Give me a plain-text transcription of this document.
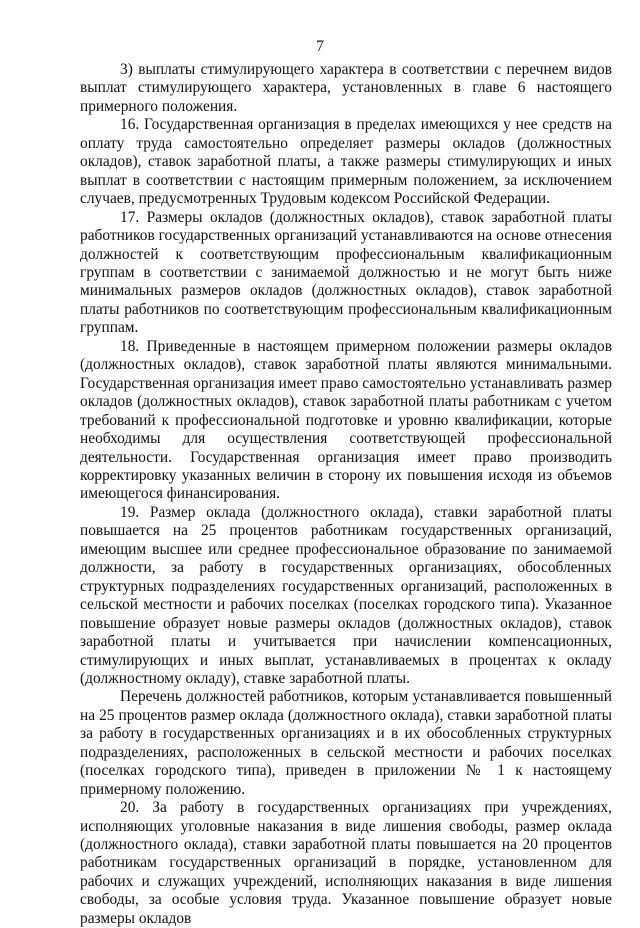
7

3) выплаты стимулирующего характера в соответствии с перечнем видов выплат стимулирующего характера, установленных в главе 6 настоящего примерного положения.

16. Государственная организация в пределах имеющихся у нее средств на оплату труда самостоятельно определяет размеры окладов (должностных окладов), ставок заработной платы, а также размеры стимулирующих и иных выплат в соответствии с настоящим примерным положением, за исключением случаев, предусмотренных Трудовым кодексом Российской Федерации.

17. Размеры окладов (должностных окладов), ставок заработной платы работников государственных организаций устанавливаются на основе отнесения должностей к соответствующим профессиональным квалификационным группам в соответствии с занимаемой должностью и не могут быть ниже минимальных размеров окладов (должностных окладов), ставок заработной платы работников по соответствующим профессиональным квалификационным группам.

18. Приведенные в настоящем примерном положении размеры окладов (должностных окладов), ставок заработной платы являются минимальными. Государственная организация имеет право самостоятельно устанавливать размер окладов (должностных окладов), ставок заработной платы работникам с учетом требований к профессиональной подготовке и уровню квалификации, которые необходимы для осуществления соответствующей профессиональной деятельности. Государственная организация имеет право производить корректировку указанных величин в сторону их повышения исходя из объемов имеющегося финансирования.

19. Размер оклада (должностного оклада), ставки заработной платы повышается на 25 процентов работникам государственных организаций, имеющим высшее или среднее профессиональное образование по занимаемой должности, за работу в государственных организациях, обособленных структурных подразделениях государственных организаций, расположенных в сельской местности и рабочих поселках (поселках городского типа). Указанное повышение образует новые размеры окладов (должностных окладов), ставок заработной платы и учитывается при начислении компенсационных, стимулирующих и иных выплат, устанавливаемых в процентах к окладу (должностному окладу), ставке заработной платы.

Перечень должностей работников, которым устанавливается повышенный на 25 процентов размер оклада (должностного оклада), ставки заработной платы за работу в государственных организациях и в их обособленных структурных подразделениях, расположенных в сельской местности и рабочих поселках (поселках городского типа), приведен в приложении № 1 к настоящему примерному положению.

20. За работу в государственных организациях при учреждениях, исполняющих уголовные наказания в виде лишения свободы, размер оклада (должностного оклада), ставки заработной платы повышается на 20 процентов работникам государственных организаций в порядке, установленном для рабочих и служащих учреждений, исполняющих наказания в виде лишения свободы, за особые условия труда. Указанное повышение образует новые размеры окладов
